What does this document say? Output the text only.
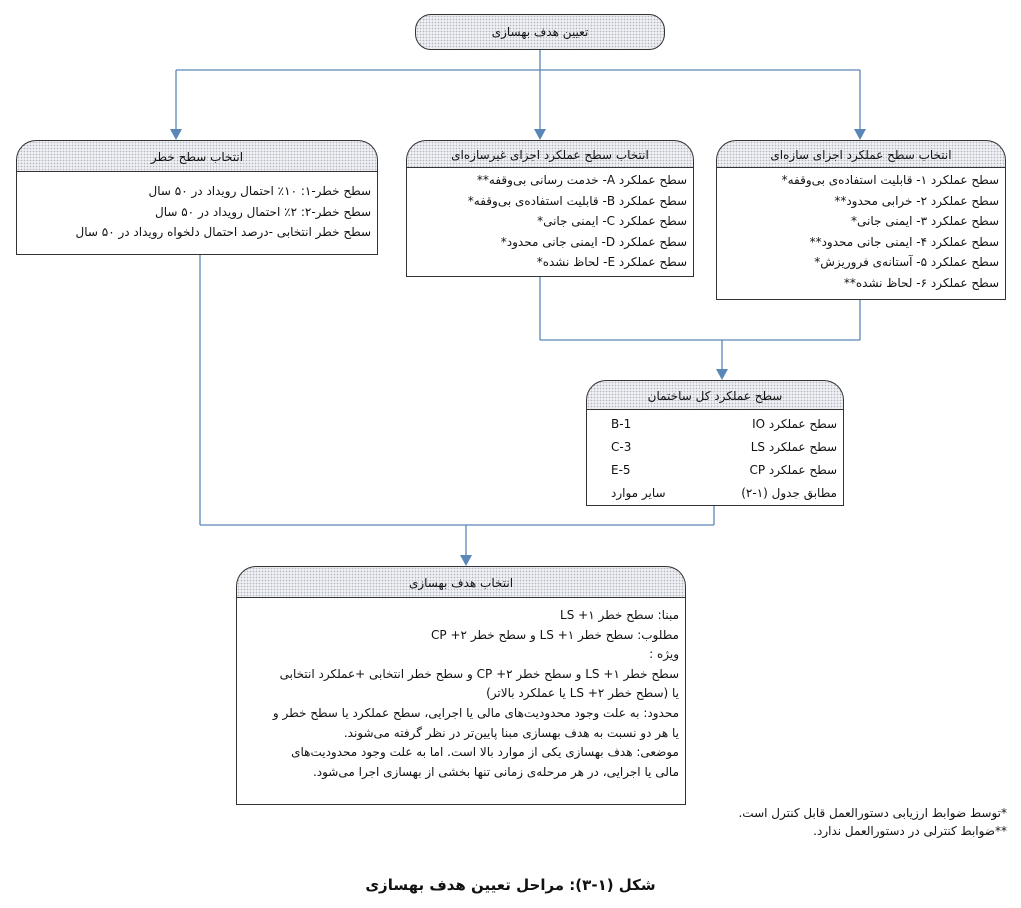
تعیین هدف بهسازی
انتخاب سطح خطر
سطح خطر-۱: ۱۰٪ احتمال رویداد در ۵۰ سال
سطح خطر-۲: ۲٪ احتمال رویداد در ۵۰ سال
سطح خطر انتخابی -درصد احتمال دلخواه رویداد در ۵۰ سال
انتخاب سطح عملکرد اجزای غیرسازه‌ای
سطح عملکرد A- خدمت رسانی بی‌وقفه**
سطح عملکرد B- قابلیت استفاده‌ی بی‌وقفه*
سطح عملکرد C- ایمنی جانی*
سطح عملکرد D- ایمنی جانی محدود*
سطح عملکرد E- لحاظ نشده*
انتخاب سطح عملکرد اجزای سازه‌ای
سطح عملکرد ۱- قابلیت استفاده‌ی بی‌وقفه*
سطح عملکرد ۲- خرابی محدود**
سطح عملکرد ۳- ایمنی جانی*
سطح عملکرد ۴- ایمنی جانی محدود**
سطح عملکرد ۵- آستانه‌ی فروریزش*
سطح عملکرد ۶- لحاظ نشده**
سطح عملکرد کل ساختمان
سطح عملکرد IO
B-1
سطح عملکرد LS
C-3
سطح عملکرد CP
E-5
مطابق جدول (۱-۲)
سایر موارد
انتخاب هدف بهسازی
مبنا: سطح خطر ۱+ LS
مطلوب: سطح خطر ۱+ LS و سطح خطر ۲+ CP
ویژه :
سطح خطر ۱+ LS و سطح خطر ۲+ CP و سطح خطر انتخابی +عملکرد انتخابی
یا (سطح خطر ۲+ LS یا عملکرد بالاتر)
محدود: به علت وجود محدودیت‌های مالی یا اجرایی، سطح عملکرد یا سطح خطر و
یا هر دو نسبت به هدف بهسازی مبنا پایین‌تر در نظر گرفته می‌شوند.
موضعی: هدف بهسازی یکی از موارد بالا است. اما به علت وجود محدودیت‌های
مالی یا اجرایی، در هر مرحله‌ی زمانی تنها بخشی از بهسازی اجرا می‌شود.
*توسط ضوابط ارزیابی دستورالعمل قابل کنترل است.
**ضوابط کنترلی در دستورالعمل ندارد.
شکل (۱-۳): مراحل تعیین هدف بهسازی
